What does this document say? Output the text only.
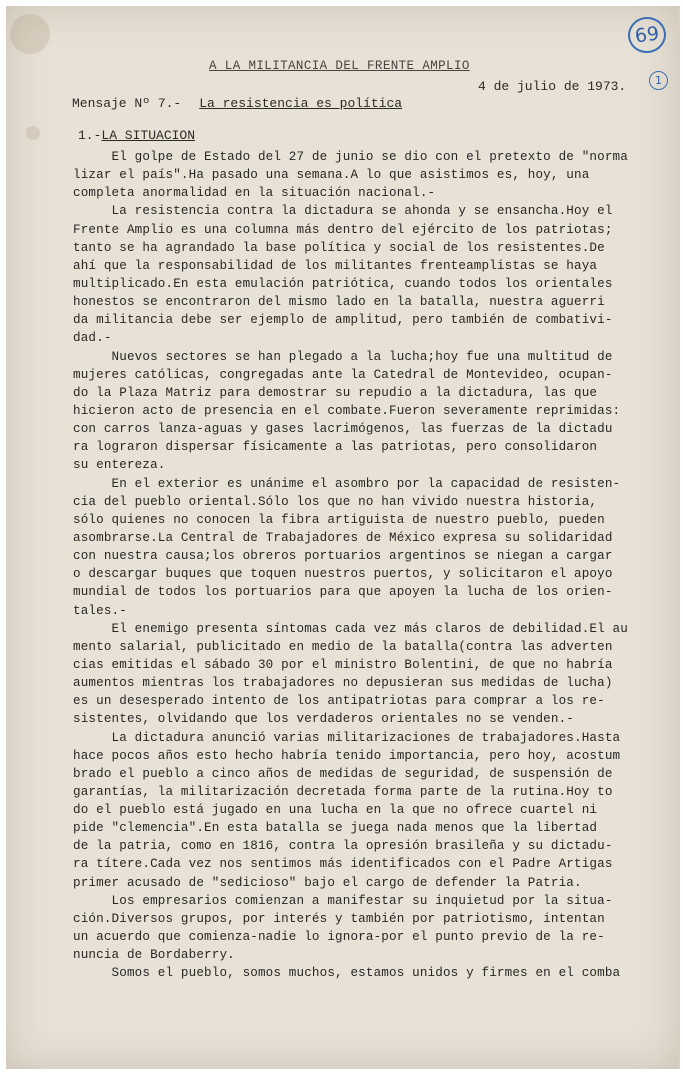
69
A LA MILITANCIA DEL FRENTE AMPLIO
4 de julio de 1973.	1
Mensaje Nº 7.- La resistencia es política
1.-LA SITUACION
El golpe de Estado del 27 de junio se dio con el pretexto de "norma
lizar el país".Ha pasado una semana.A lo que asistimos es, hoy, una
completa anormalidad en la situación nacional.-
La resistencia contra la dictadura se ahonda y se ensancha.Hoy el
Frente Amplio es una columna más dentro del ejército de los patriotas;
tanto se ha agrandado la base política y social de los resistentes.De
ahí que la responsabilidad de los militantes frenteamplistas se haya
multiplicado.En esta emulación patriótica, cuando todos los orientales
honestos se encontraron del mismo lado en la batalla, nuestra aguerri
da militancia debe ser ejemplo de amplitud, pero también de combativi-
dad.-
Nuevos sectores se han plegado a la lucha;hoy fue una multitud de
mujeres católicas, congregadas ante la Catedral de Montevideo, ocupan-
do la Plaza Matriz para demostrar su repudio a la dictadura, las que
hicieron acto de presencia en el combate.Fueron severamente reprimidas:
con carros lanza-aguas y gases lacrimógenos, las fuerzas de la dictadu
ra lograron dispersar físicamente a las patriotas, pero consolidaron
su entereza.
En el exterior es unánime el asombro por la capacidad de resisten-
cia del pueblo oriental.Sólo los que no han vivido nuestra historia,
sólo quienes no conocen la fibra artiguista de nuestro pueblo, pueden
asombrarse.La Central de Trabajadores de México expresa su solidaridad
con nuestra causa;los obreros portuarios argentinos se niegan a cargar
o descargar buques que toquen nuestros puertos, y solicitaron el apoyo
mundial de todos los portuarios para que apoyen la lucha de los orien-
tales.-
El enemigo presenta síntomas cada vez más claros de debilidad.El au
mento salarial, publicitado en medio de la batalla(contra las adverten
cias emitidas el sábado 30 por el ministro Bolentini, de que no habría
aumentos mientras los trabajadores no depusieran sus medidas de lucha)
es un desesperado intento de los antipatriotas para comprar a los re-
sistentes, olvidando que los verdaderos orientales no se venden.-
La dictadura anunció varias militarizaciones de trabajadores.Hasta
hace pocos años esto hecho habría tenido importancia, pero hoy, acostum
brado el pueblo a cinco años de medidas de seguridad, de suspensión de
garantías, la militarización decretada forma parte de la rutina.Hoy to
do el pueblo está jugado en una lucha en la que no ofrece cuartel ni
pide "clemencia".En esta batalla se juega nada menos que la libertad
de la patria, como en 1816, contra la opresión brasileña y su dictadu-
ra títere.Cada vez nos sentimos más identificados con el Padre Artigas
primer acusado de "sedicioso" bajo el cargo de defender la Patria.
Los empresarios comienzan a manifestar su inquietud por la situa-
ción.Diversos grupos, por interés y también por patriotismo, intentan
un acuerdo que comienza-nadie lo ignora-por el punto previo de la re-
nuncia de Bordaberry.
Somos el pueblo, somos muchos, estamos unidos y firmes en el comba
